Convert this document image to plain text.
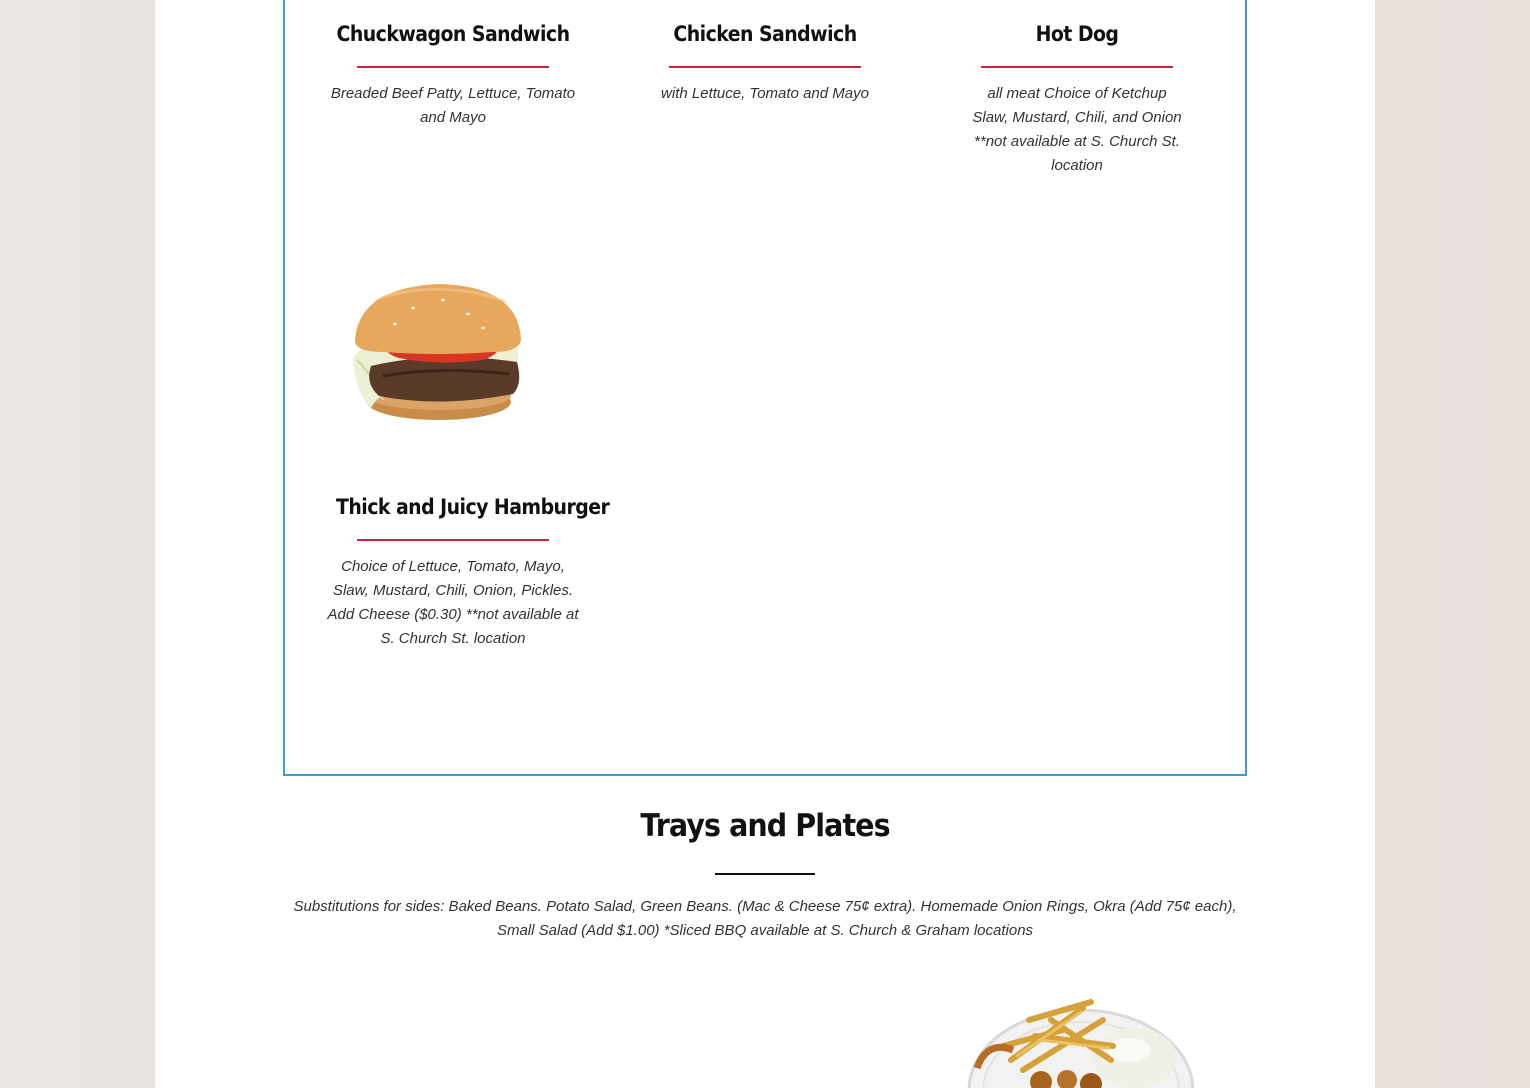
Chuckwagon Sandwich
Breaded Beef Patty, Lettuce, Tomato and Mayo
Chicken Sandwich
with Lettuce, Tomato and Mayo
Hot Dog
all meat Choice of Ketchup Slaw, Mustard, Chili, and Onion **not available at S. Church St. location
Thick and Juicy Hamburger
Choice of Lettuce, Tomato, Mayo, Slaw, Mustard, Chili, Onion, Pickles. Add Cheese ($0.30) **not available at S. Church St. location
Trays and Plates
Substitutions for sides: Baked Beans. Potato Salad, Green Beans. (Mac & Cheese 75¢ extra). Homemade Onion Rings, Okra (Add 75¢ each), Small Salad (Add $1.00) *Sliced BBQ available at S. Church & Graham locations
